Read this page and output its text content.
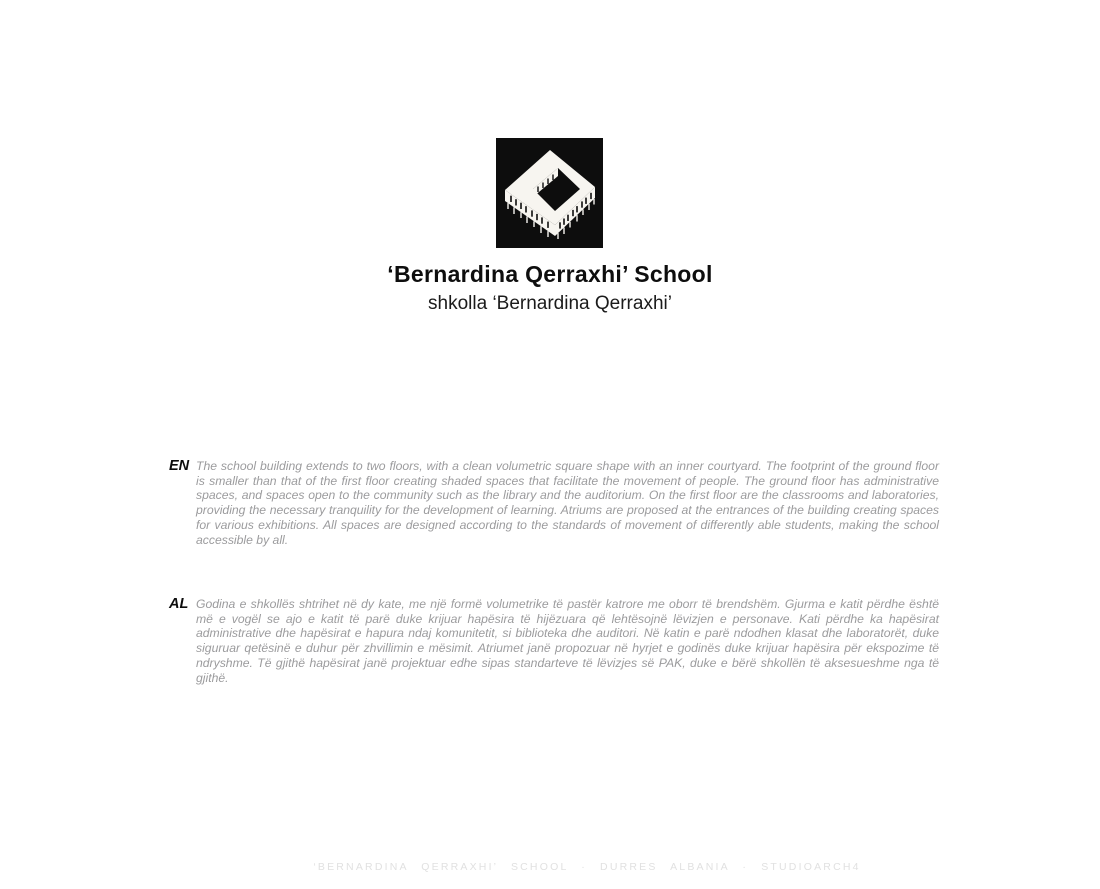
‘Bernardina Qerraxhi’ School
shkolla ‘Bernardina Qerraxhi’
EN The school building extends to two floors, with a clean volumetric square shape with an inner courtyard. The footprint of the ground floor is smaller than that of the first floor creating shaded spaces that facilitate the movement of people. The ground floor has administrative spaces, and spaces open to the community such as the library and the auditorium. On the first floor are the classrooms and laboratories, providing the necessary tranquility for the development of learning. Atriums are proposed at the entrances of the building creating spaces for various exhibitions. All spaces are designed according to the standards of movement of differently able students, making the school accessible by all.

AL Godina e shkollës shtrihet në dy kate, me një formë volumetrike të pastër katrore me oborr të brendshëm. Gjurma e katit përdhe është më e vogël se ajo e katit të parë duke krijuar hapësira të hijëzuara që lehtësojnë lëvizjen e personave. Kati përdhe ka hapësirat administrative dhe hapësirat e hapura ndaj komunitetit, si biblioteka dhe auditori. Në katin e parë ndodhen klasat dhe laboratorët, duke siguruar qetësinë e duhur për zhvillimin e mësimit. Atriumet janë propozuar në hyrjet e godinës duke krijuar hapësira për ekspozime të ndryshme. Të gjithë hapësirat janë projektuar edhe sipas standarteve të lëvizjes së PAK, duke e bërë shkollën të aksesueshme nga të gjithë.

‘BERNARDINA QERRAXHI’ SCHOOL · DURRES ALBANIA · STUDIOARCH4
